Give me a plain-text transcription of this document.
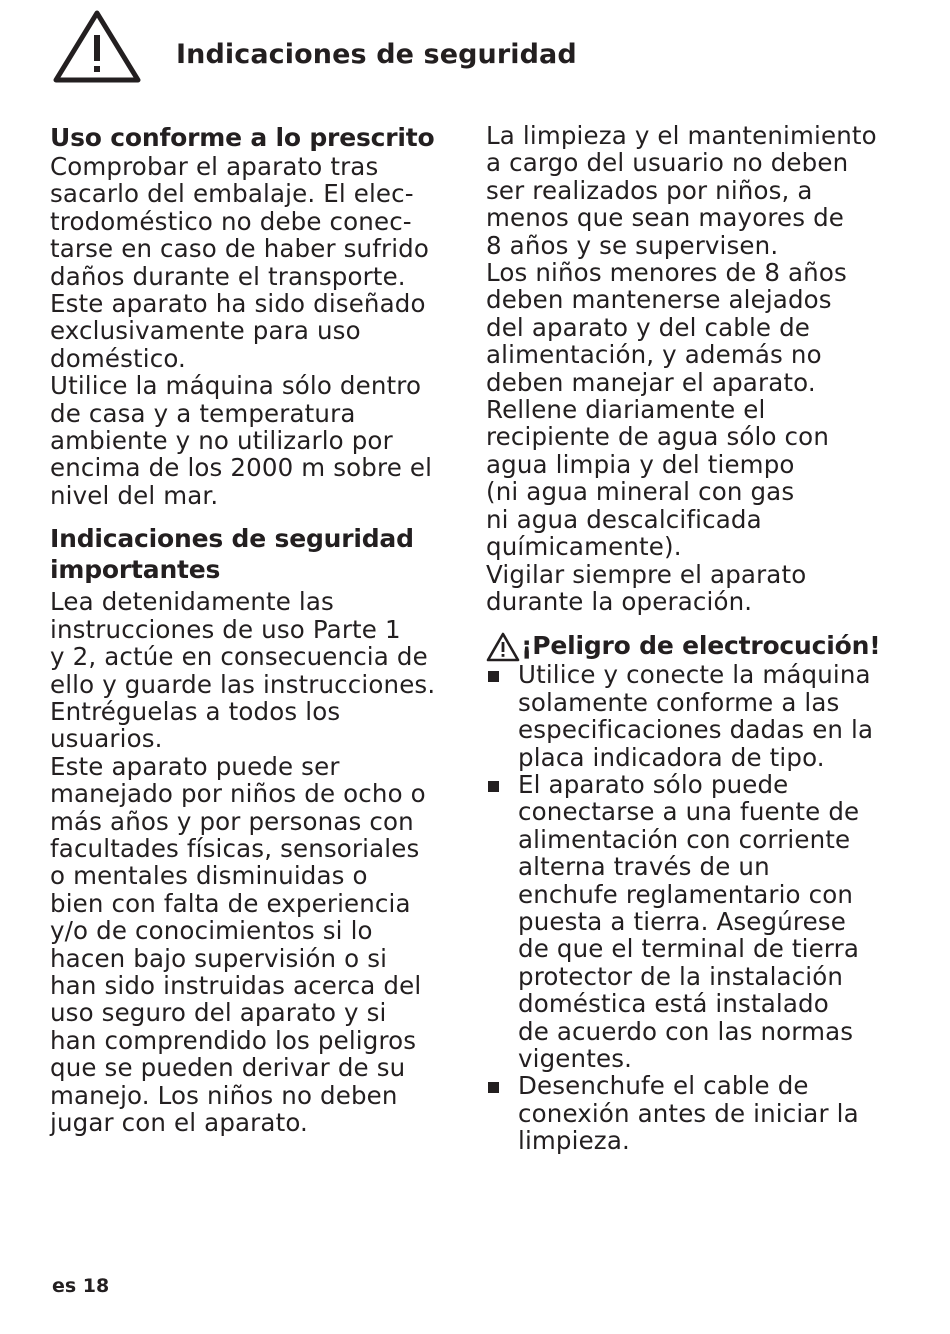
Indicaciones de seguridad
Uso conforme a lo prescrito

Comprobar el aparato tras
sacarlo del embalaje. El elec-
trodoméstico no debe conec-
tarse en caso de haber sufrido
daños durante el transporte.
Este aparato ha sido diseñado
exclusivamente para uso
doméstico.
Utilice la máquina sólo dentro
de casa y a temperatura
ambiente y no utilizarlo por
encima de los 2000 m sobre el
nivel del mar.

Indicaciones de seguridad
importantes

Lea detenidamente las
instrucciones de uso Parte 1
y 2, actúe en consecuencia de
ello y guarde las instrucciones.
Entréguelas a todos los
usuarios.
Este aparato puede ser
manejado por niños de ocho o
más años y por personas con
facultades físicas, sensoriales
o mentales disminuidas o
bien con falta de experiencia
y/o de conocimientos si lo
hacen bajo supervisión o si
han sido instruidas acerca del
uso seguro del aparato y si
han comprendido los peligros
que se pueden derivar de su
manejo. Los niños no deben
jugar con el aparato.

La limpieza y el mantenimiento
a cargo del usuario no deben
ser realizados por niños, a
menos que sean mayores de
8 años y se supervisen.
Los niños menores de 8 años
deben mantenerse alejados
del aparato y del cable de
alimentación, y además no
deben manejar el aparato.
Rellene diariamente el
recipiente de agua sólo con
agua limpia y del tiempo
(ni agua mineral con gas
ni agua descalcificada
químicamente).
Vigilar siempre el aparato
durante la operación.

¡Peligro de electrocución!
Utilice y conecte la máquina
solamente conforme a las
especificaciones dadas en la
placa indicadora de tipo.
El aparato sólo puede
conectarse a una fuente de
alimentación con corriente
alterna través de un
enchufe reglamentario con
puesta a tierra. Asegúrese
de que el terminal de tierra
protector de la instalación
doméstica está instalado
de acuerdo con las normas
vigentes.
Desenchufe el cable de
conexión antes de iniciar la
limpieza.
es 18
